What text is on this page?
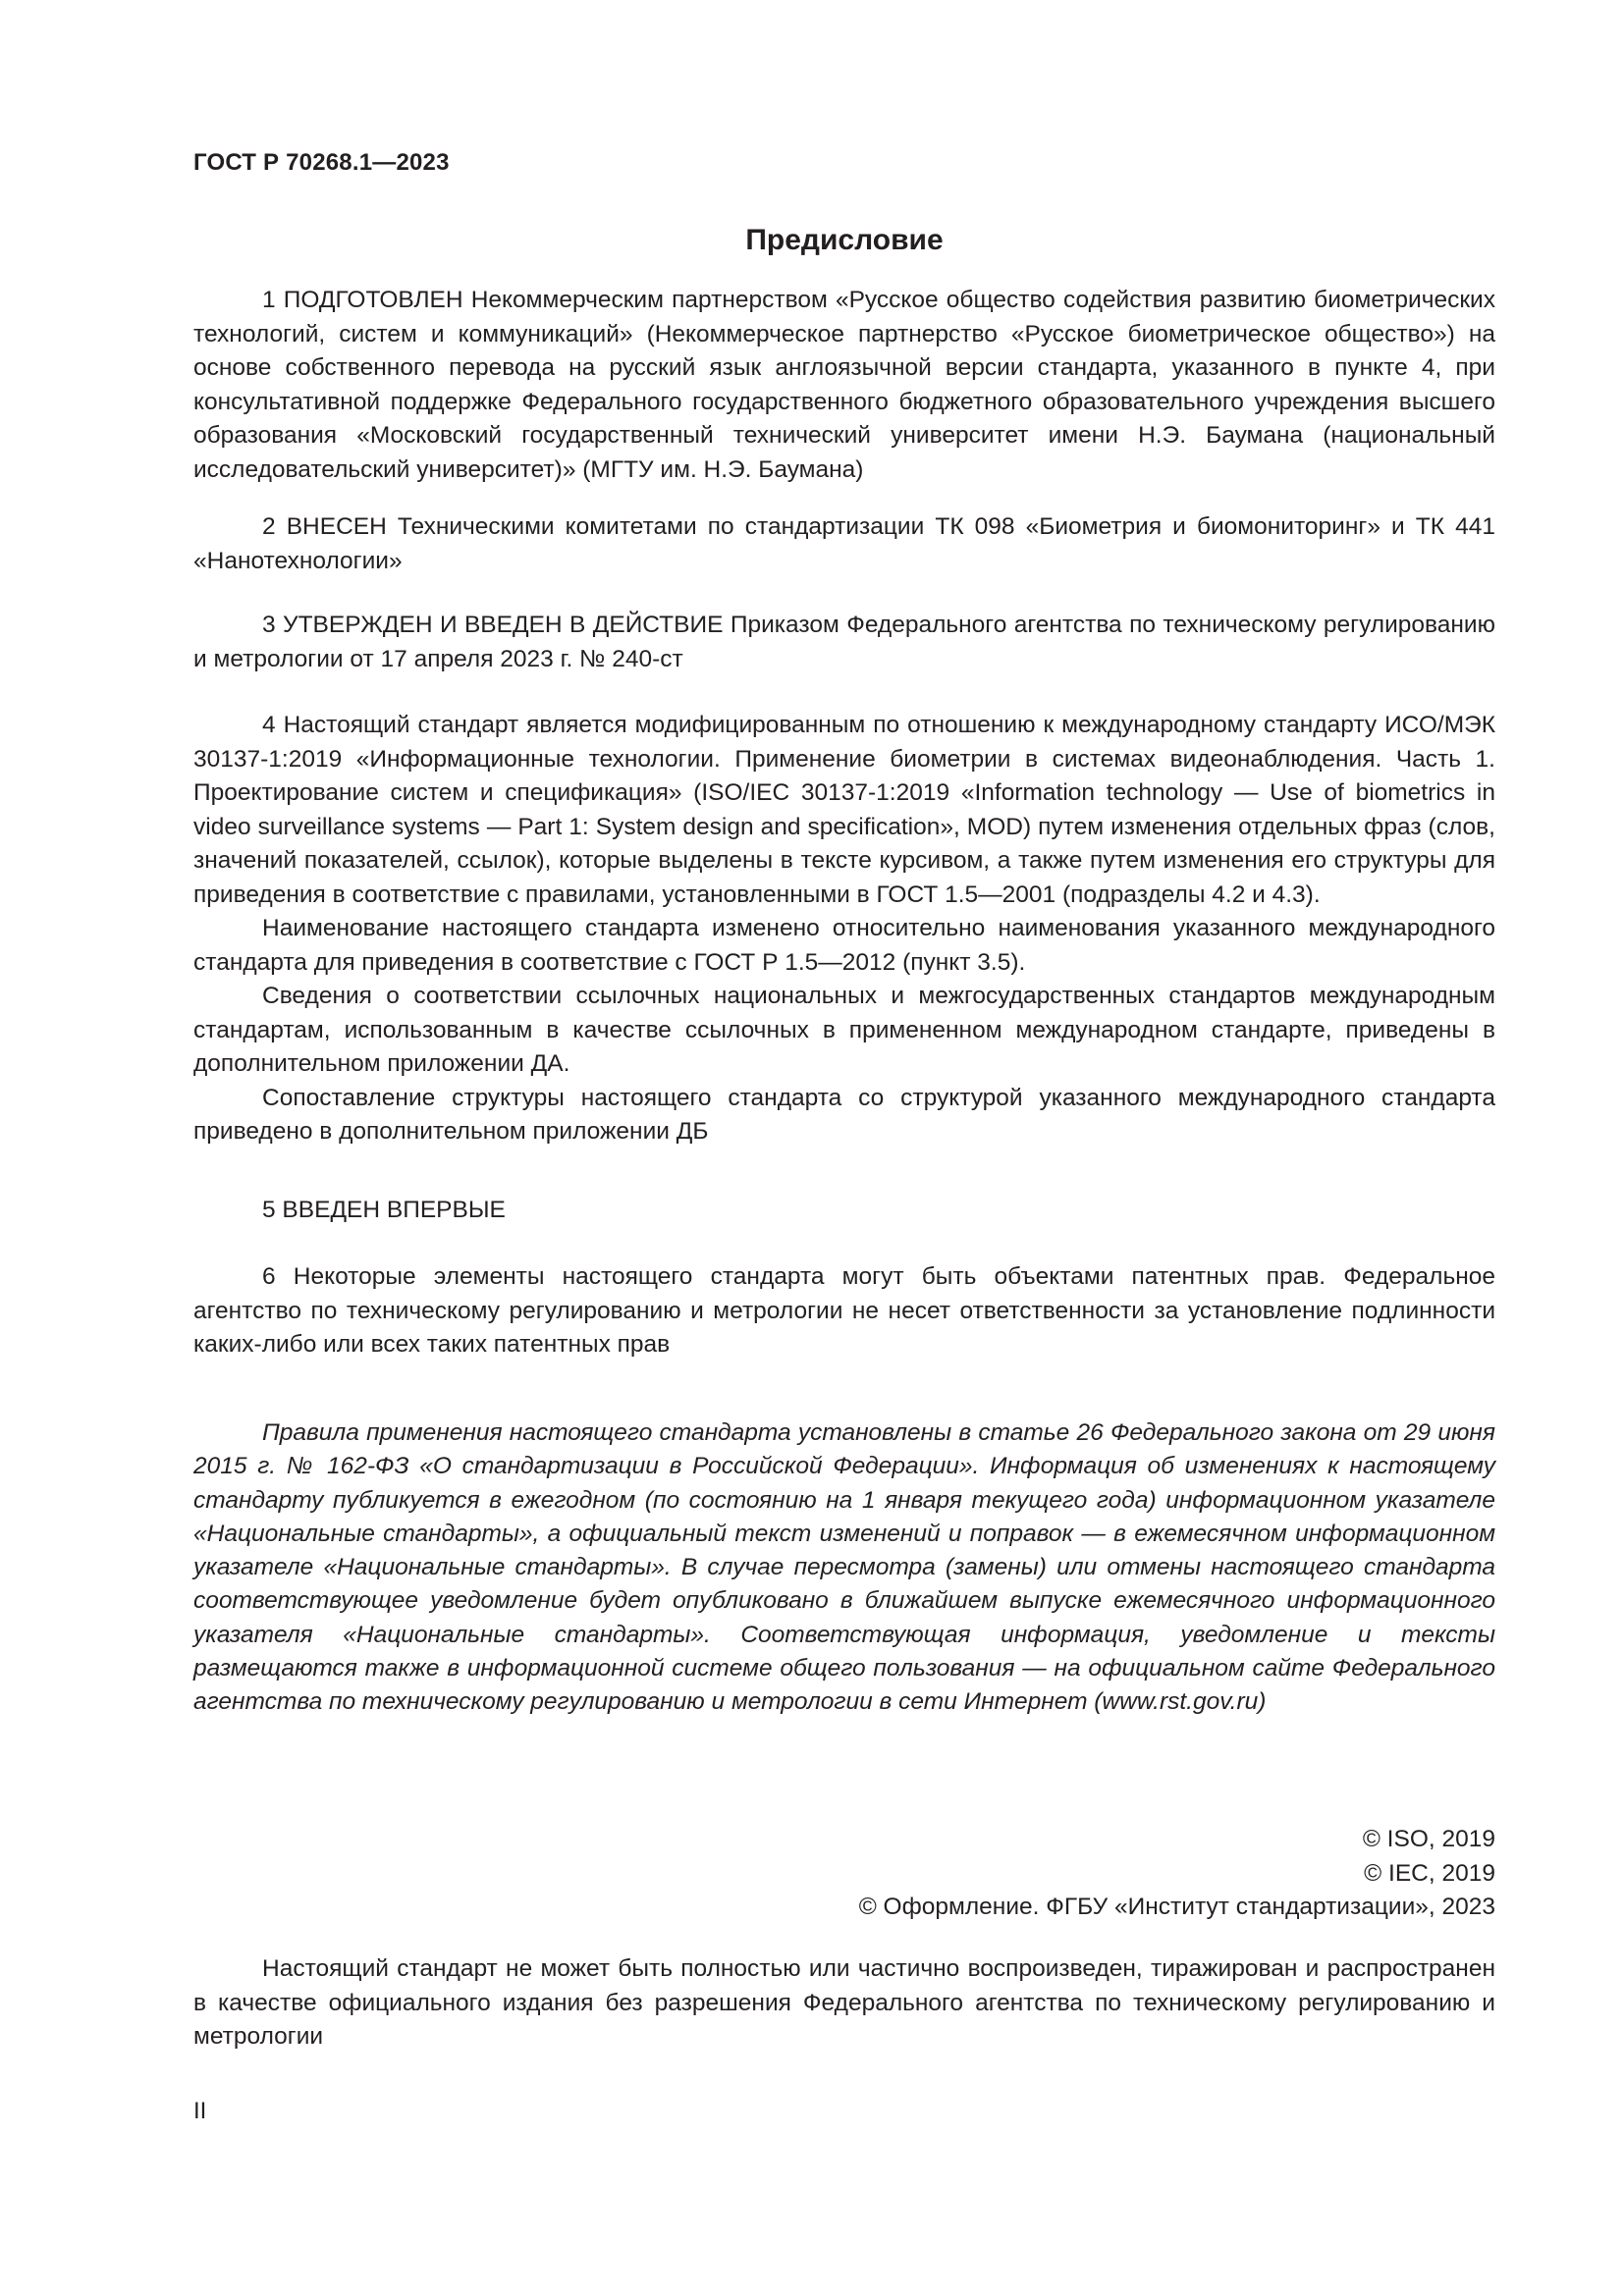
ГОСТ Р 70268.1—2023
Предисловие

1 ПОДГОТОВЛЕН Некоммерческим партнерством «Русское общество содействия развитию биометрических технологий, систем и коммуникаций» (Некоммерческое партнерство «Русское биометрическое общество») на основе собственного перевода на русский язык англоязычной версии стандарта, указанного в пункте 4, при консультативной поддержке Федерального государственного бюджетного образовательного учреждения высшего образования «Московский государственный технический университет имени Н.Э. Баумана (национальный исследовательский университет)» (МГТУ им. Н.Э. Баумана)

2 ВНЕСЕН Техническими комитетами по стандартизации ТК 098 «Биометрия и биомониторинг» и ТК 441 «Нанотехнологии»

3 УТВЕРЖДЕН И ВВЕДЕН В ДЕЙСТВИЕ Приказом Федерального агентства по техническому регулированию и метрологии от 17 апреля 2023 г. № 240-ст

4 Настоящий стандарт является модифицированным по отношению к международному стандарту ИСО/МЭК 30137-1:2019 «Информационные технологии. Применение биометрии в системах видеонаблюдения. Часть 1. Проектирование систем и спецификация» (ISO/IEC 30137-1:2019 «Information technology — Use of biometrics in video surveillance systems — Part 1: System design and specification», MOD) путем изменения отдельных фраз (слов, значений показателей, ссылок), которые выделены в тексте курсивом, а также путем изменения его структуры для приведения в соответствие с правилами, установленными в ГОСТ 1.5—2001 (подразделы 4.2 и 4.3).

Наименование настоящего стандарта изменено относительно наименования указанного международного стандарта для приведения в соответствие с ГОСТ Р 1.5—2012 (пункт 3.5).

Сведения о соответствии ссылочных национальных и межгосударственных стандартов международным стандартам, использованным в качестве ссылочных в примененном международном стандарте, приведены в дополнительном приложении ДА.

Сопоставление структуры настоящего стандарта со структурой указанного международного стандарта приведено в дополнительном приложении ДБ

5 ВВЕДЕН ВПЕРВЫЕ

6 Некоторые элементы настоящего стандарта могут быть объектами патентных прав. Федеральное агентство по техническому регулированию и метрологии не несет ответственности за установление подлинности каких-либо или всех таких патентных прав

Правила применения настоящего стандарта установлены в статье 26 Федерального закона от 29 июня 2015 г. № 162-ФЗ «О стандартизации в Российской Федерации». Информация об изменениях к настоящему стандарту публикуется в ежегодном (по состоянию на 1 января текущего года) информационном указателе «Национальные стандарты», а официальный текст изменений и поправок — в ежемесячном информационном указателе «Национальные стандарты». В случае пересмотра (замены) или отмены настоящего стандарта соответствующее уведомление будет опубликовано в ближайшем выпуске ежемесячного информационного указателя «Национальные стандарты». Соответствующая информация, уведомление и тексты размещаются также в информационной системе общего пользования — на официальном сайте Федерального агентства по техническому регулированию и метрологии в сети Интернет (www.rst.gov.ru)

© ISO, 2019
© IEC, 2019
© Оформление. ФГБУ «Институт стандартизации», 2023

Настоящий стандарт не может быть полностью или частично воспроизведен, тиражирован и распространен в качестве официального издания без разрешения Федерального агентства по техническому регулированию и метрологии

II
